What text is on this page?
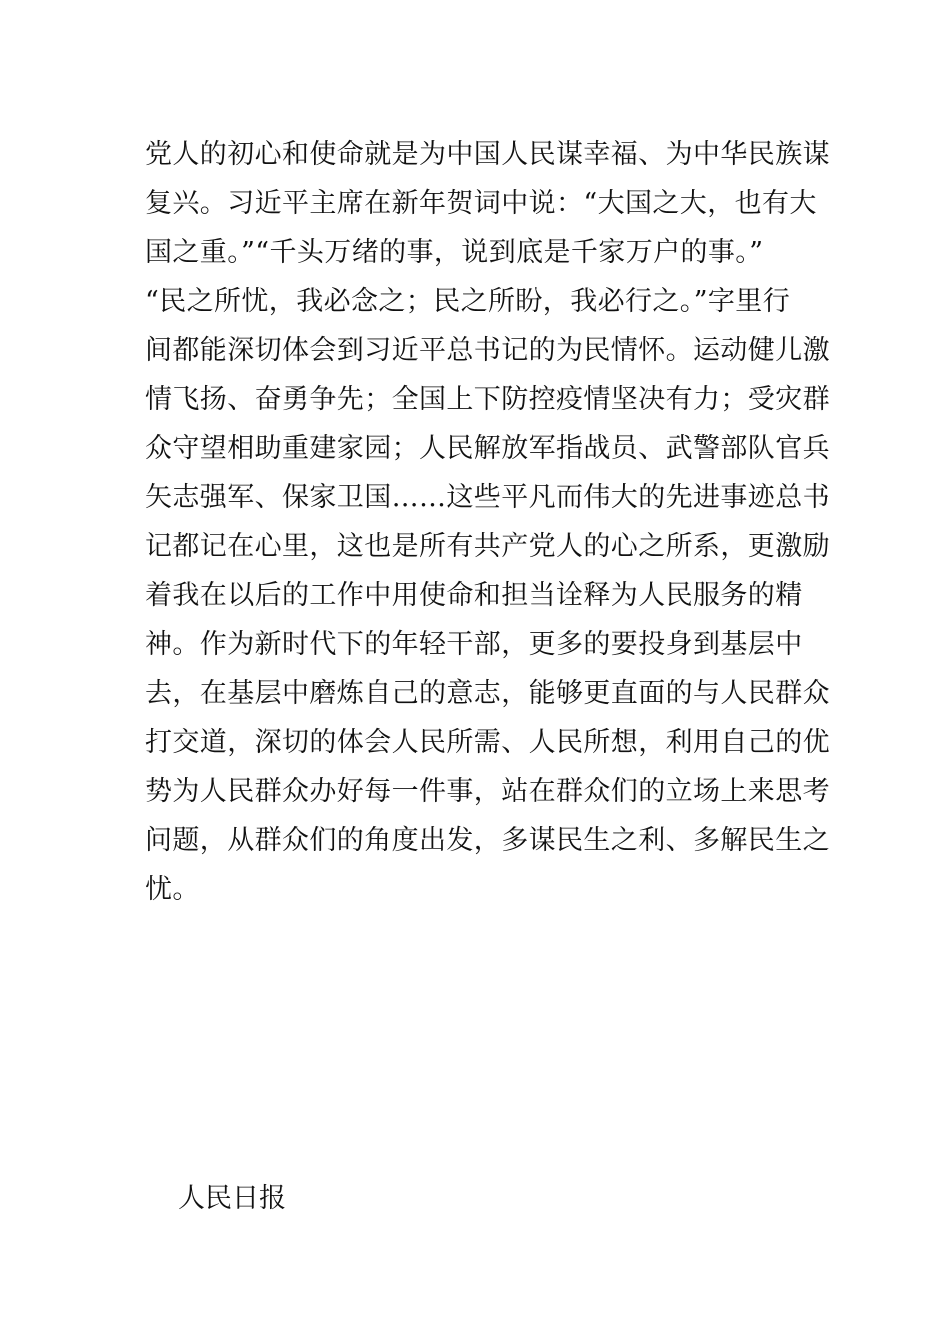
党人的初心和使命就是为中国人民谋幸福、为中华民族谋
复兴。习近平主席在新年贺词中说：“大国之大，也有大
国之重。”“千头万绪的事，说到底是千家万户的事。”
“民之所忧，我必念之；民之所盼，我必行之。”字里行
间都能深切体会到习近平总书记的为民情怀。运动健儿激
情飞扬、奋勇争先；全国上下防控疫情坚决有力；受灾群
众守望相助重建家园；人民解放军指战员、武警部队官兵
矢志强军、保家卫国……这些平凡而伟大的先进事迹总书
记都记在心里，这也是所有共产党人的心之所系，更激励
着我在以后的工作中用使命和担当诠释为人民服务的精
神。作为新时代下的年轻干部，更多的要投身到基层中
去，在基层中磨炼自己的意志，能够更直面的与人民群众
打交道，深切的体会人民所需、人民所想，利用自己的优
势为人民群众办好每一件事，站在群众们的立场上来思考
问题，从群众们的角度出发，多谋民生之利、多解民生之
忧。
人民日报
